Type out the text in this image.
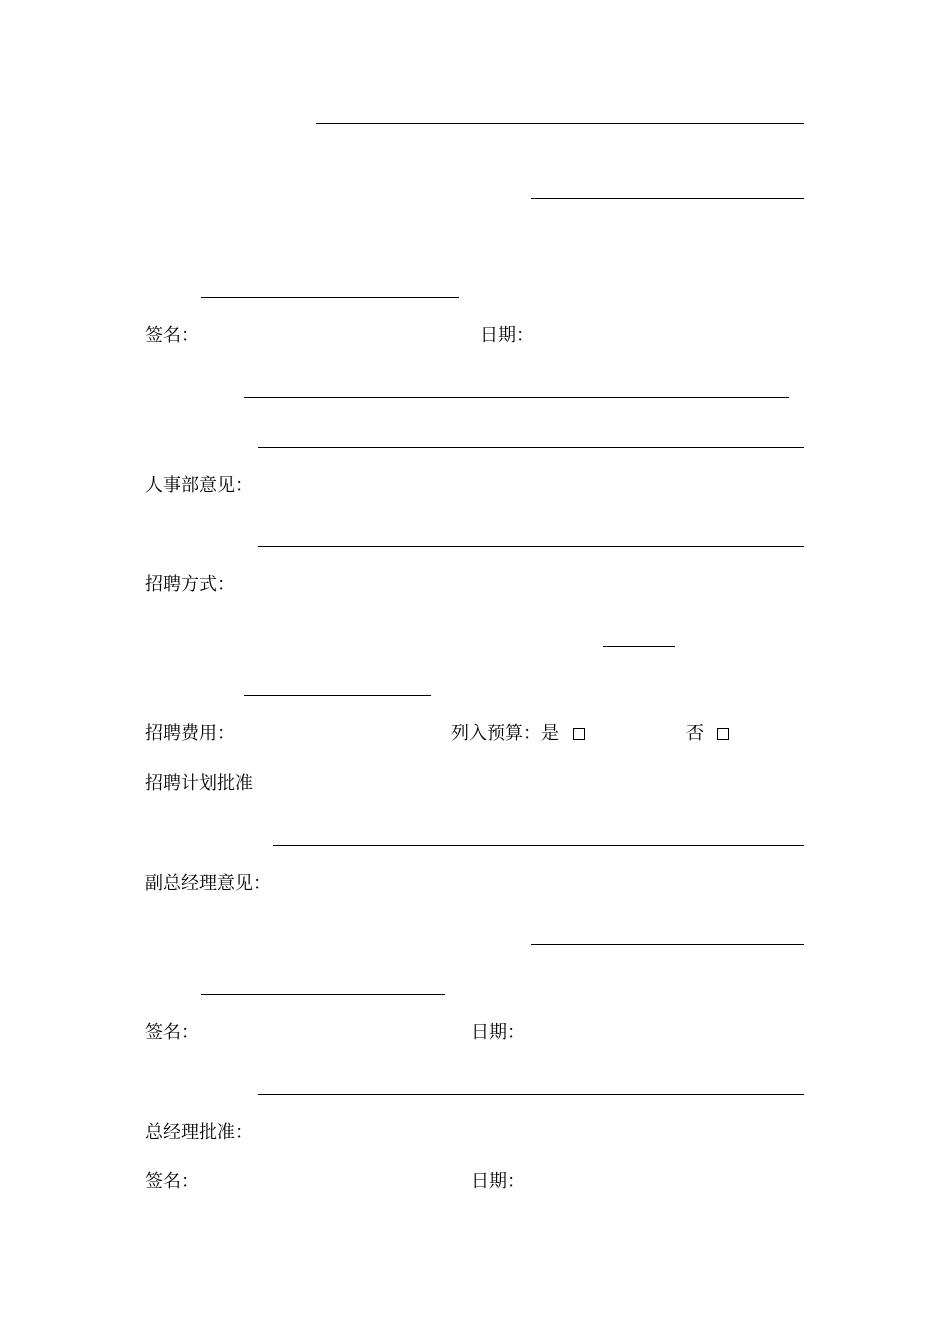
签名：	日期：
人事部意见：
招聘方式：
招聘费用：	列入预算：是	否
招聘计划批准
副总经理意见：
签名：	日期：
总经理批准：
签名：	日期：
